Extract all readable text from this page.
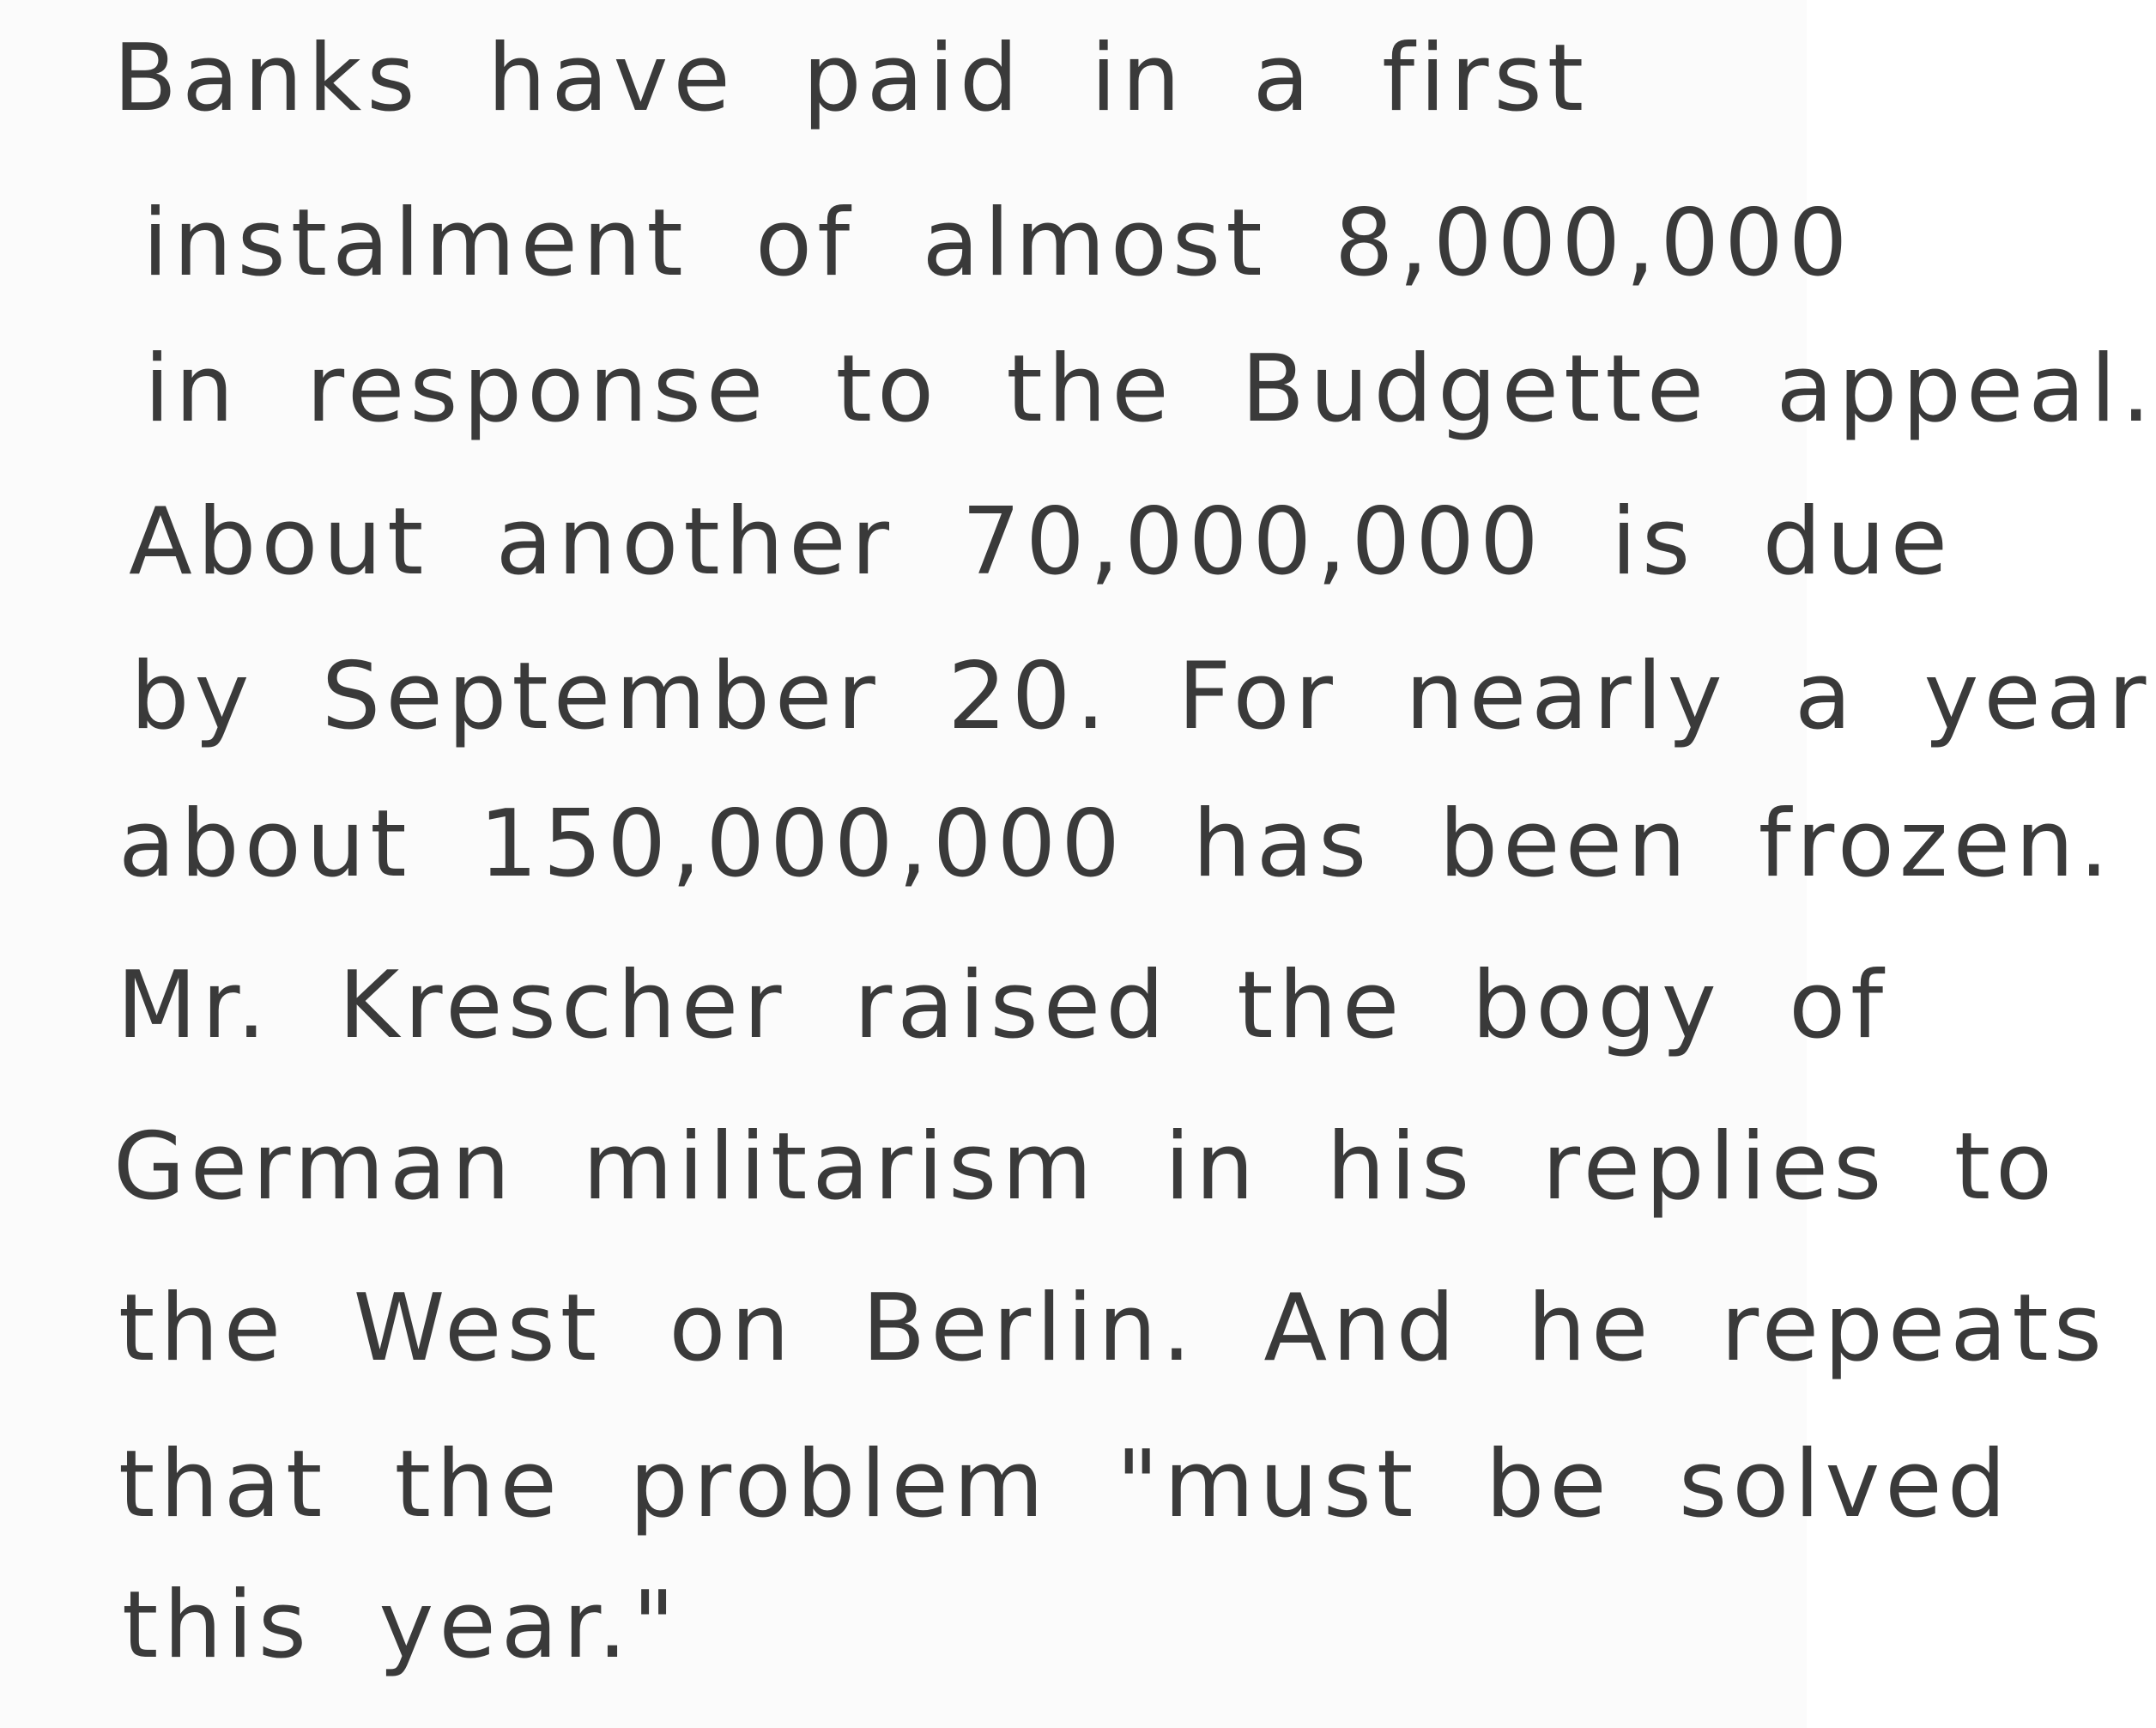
Banks have paid in a first
instalment of almost 8,000,000
in response to the Budgette appeal.
About another 70,000,000 is due
by September 20. For nearly a year
about 150,000,000 has been frozen.
Mr. Krescher raised the bogy of
German militarism in his replies to
the West on Berlin. And he repeats
that the problem "must be solved
this year."
